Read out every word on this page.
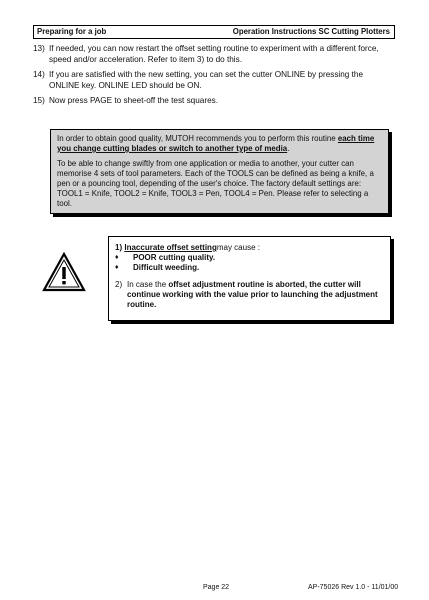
Preparing for a job	Operation Instructions SC Cutting Plotters
13) If needed, you can now restart the offset setting routine to experiment with a different force, speed and/or acceleration. Refer to item 3) to do this.
14) If you are satisfied with the new setting, you can set the cutter ONLINE by pressing the ONLINE key. ONLINE LED should be ON.
15) Now press PAGE to sheet-off the test squares.

In order to obtain good quality, MUTOH recommends you to perform this routine each time you change cutting blades or switch to another type of media.

To be able to change swiftly from one application or media to another, your cutter can memorise 4 sets of tool parameters. Each of the TOOLS can be defined as being a knife, a pen or a pouncing tool, depending of the user's choice. The factory default settings are: TOOL1 = Knife, TOOL2 = Knife, TOOL3 = Pen, TOOL4 = Pen. Please refer to selecting a tool.

1)
Inaccurate offset setting may cause :
♦	POOR cutting quality.
♦	Difficult weeding.
2) In case the offset adjustment routine is aborted, the cutter will continue working with the value prior to launching the adjustment routine.
Page 22	AP-75026 Rev 1.0 - 11/01/00
